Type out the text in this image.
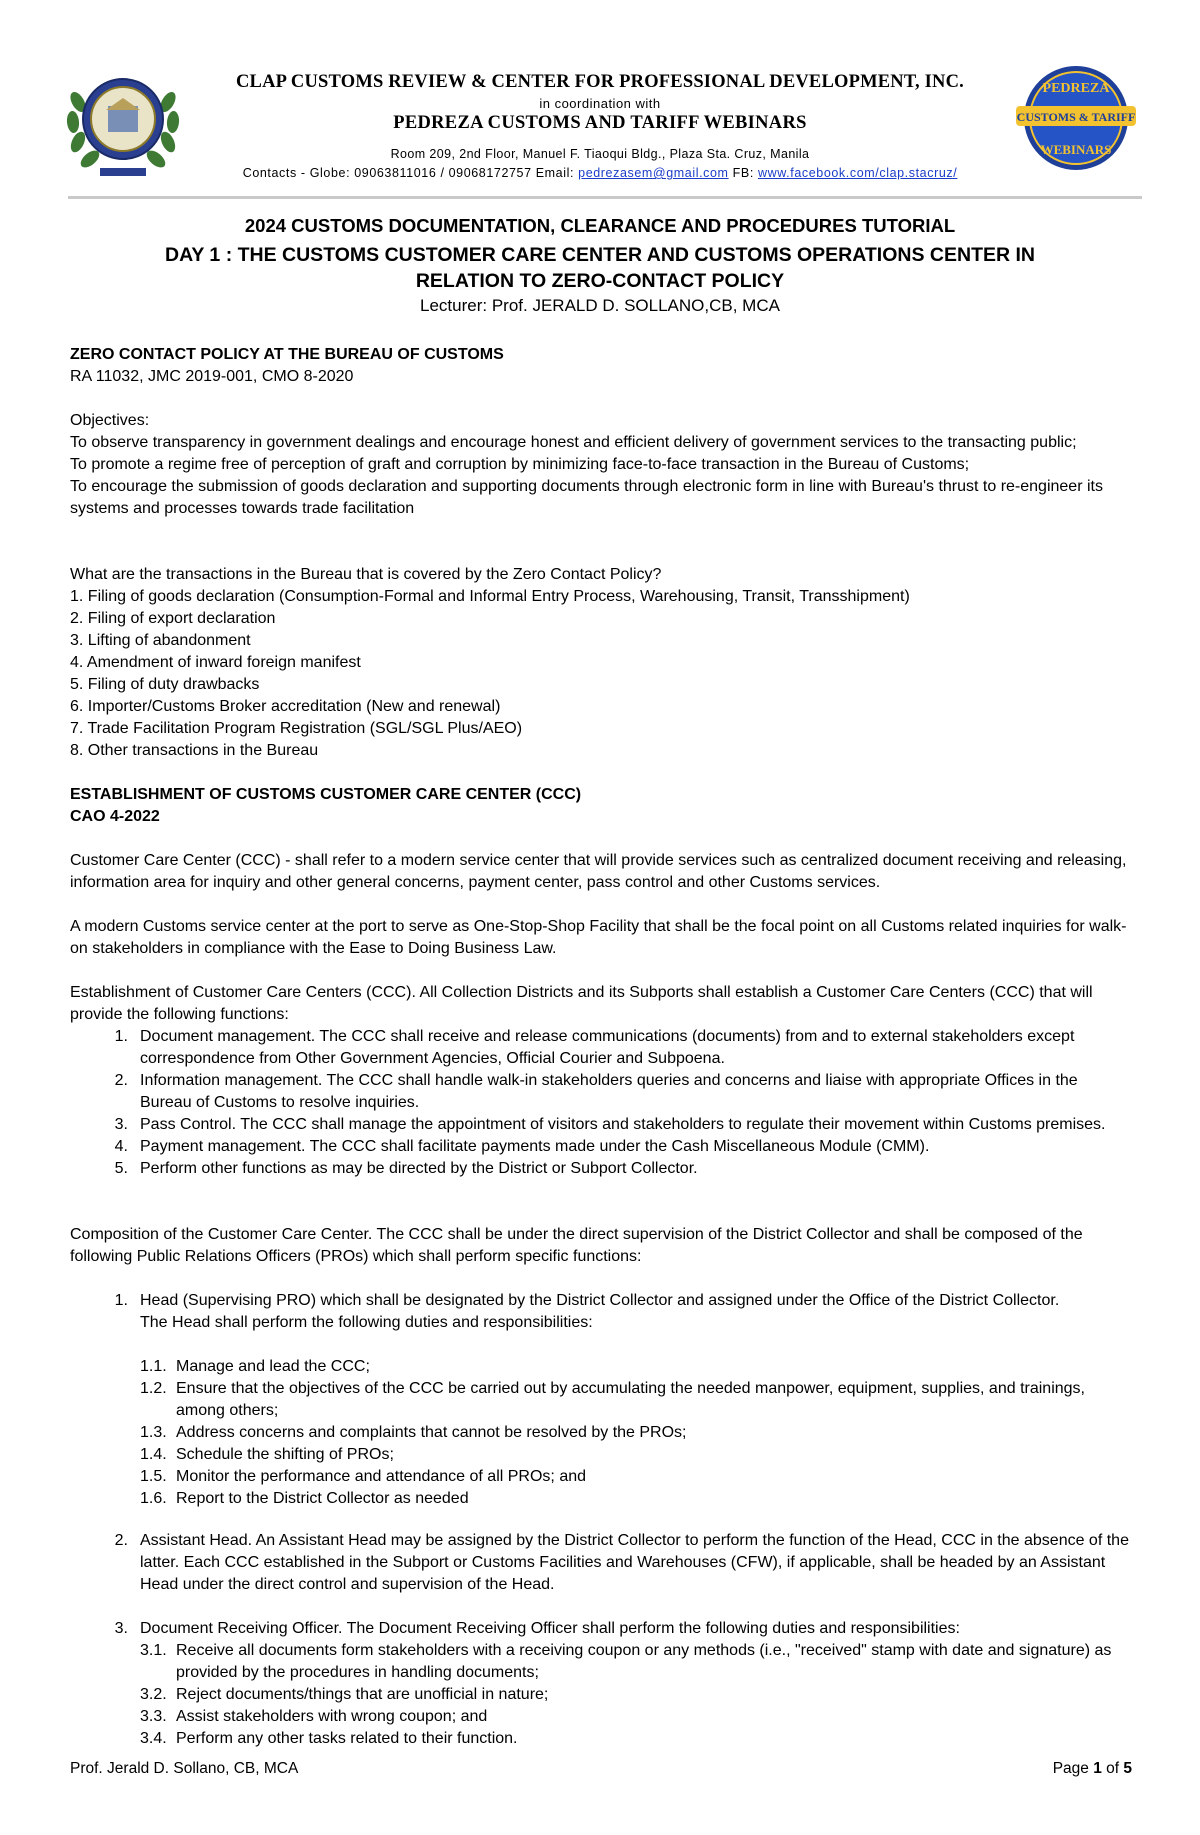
PEDREZA
CUSTOMS & TARIFF
WEBINARS
CLAP CUSTOMS REVIEW & CENTER FOR PROFESSIONAL DEVELOPMENT, INC.
in coordination with
PEDREZA CUSTOMS AND TARIFF WEBINARS
Room 209, 2nd Floor, Manuel F. Tiaoqui Bldg., Plaza Sta. Cruz, Manila
Contacts - Globe: 09063811016 / 09068172757 Email: pedrezasem@gmail.com FB: www.facebook.com/clap.stacruz/
2024 CUSTOMS DOCUMENTATION, CLEARANCE AND PROCEDURES TUTORIAL
DAY 1 : THE CUSTOMS CUSTOMER CARE CENTER AND CUSTOMS OPERATIONS CENTER IN
RELATION TO ZERO-CONTACT POLICY
Lecturer: Prof. JERALD D. SOLLANO,CB, MCA

ZERO CONTACT POLICY AT THE BUREAU OF CUSTOMS

RA 11032, JMC 2019-001, CMO 8-2020

Objectives:

To observe transparency in government dealings and encourage honest and efficient delivery of government services to the transacting public;

To promote a regime free of perception of graft and corruption by minimizing face-to-face transaction in the Bureau of Customs;

To encourage the submission of goods declaration and supporting documents through electronic form in line with Bureau's thrust to re-engineer its systems and processes towards trade facilitation

What are the transactions in the Bureau that is covered by the Zero Contact Policy?

1. Filing of goods declaration (Consumption-Formal and Informal Entry Process, Warehousing, Transit, Transshipment)

2. Filing of export declaration

3. Lifting of abandonment

4. Amendment of inward foreign manifest

5. Filing of duty drawbacks

6. Importer/Customs Broker accreditation (New and renewal)

7. Trade Facilitation Program Registration (SGL/SGL Plus/AEO)

8. Other transactions in the Bureau

ESTABLISHMENT OF CUSTOMS CUSTOMER CARE CENTER (CCC)

CAO 4-2022

Customer Care Center (CCC) - shall refer to a modern service center that will provide services such as centralized document receiving and releasing, information area for inquiry and other general concerns, payment center, pass control and other Customs services.
A modern Customs service center at the port to serve as One-Stop-Shop Facility that shall be the focal point on all Customs related inquiries for walk-on stakeholders in compliance with the Ease to Doing Business Law.
Establishment of Customer Care Centers (CCC). All Collection Districts and its Subports shall establish a Customer Care Centers (CCC) that will provide the following functions:
1. Document management. The CCC shall receive and release communications (documents) from and to external stakeholders except correspondence from Other Government Agencies, Official Courier and Subpoena.
2. Information management. The CCC shall handle walk-in stakeholders queries and concerns and liaise with appropriate Offices in the Bureau of Customs to resolve inquiries.
3. Pass Control. The CCC shall manage the appointment of visitors and stakeholders to regulate their movement within Customs premises.
4. Payment management. The CCC shall facilitate payments made under the Cash Miscellaneous Module (CMM).
5. Perform other functions as may be directed by the District or Subport Collector.
Composition of the Customer Care Center. The CCC shall be under the direct supervision of the District Collector and shall be composed of the following Public Relations Officers (PROs) which shall perform specific functions:
1. Head (Supervising PRO) which shall be designated by the District Collector and assigned under the Office of the District Collector.
The Head shall perform the following duties and responsibilities:
1.1. Manage and lead the CCC;
1.2. Ensure that the objectives of the CCC be carried out by accumulating the needed manpower, equipment, supplies, and trainings, among others;
1.3. Address concerns and complaints that cannot be resolved by the PROs;
1.4. Schedule the shifting of PROs;
1.5. Monitor the performance and attendance of all PROs; and
1.6. Report to the District Collector as needed
2. Assistant Head. An Assistant Head may be assigned by the District Collector to perform the function of the Head, CCC in the absence of the latter. Each CCC established in the Subport or Customs Facilities and Warehouses (CFW), if applicable, shall be headed by an Assistant Head under the direct control and supervision of the Head.
3. Document Receiving Officer. The Document Receiving Officer shall perform the following duties and responsibilities:
3.1. Receive all documents form stakeholders with a receiving coupon or any methods (i.e., "received" stamp with date and signature) as provided by the procedures in handling documents;
3.2. Reject documents/things that are unofficial in nature;
3.3. Assist stakeholders with wrong coupon; and
3.4. Perform any other tasks related to their function.
Prof. Jerald D. Sollano, CB, MCA	Page 1 of 5
